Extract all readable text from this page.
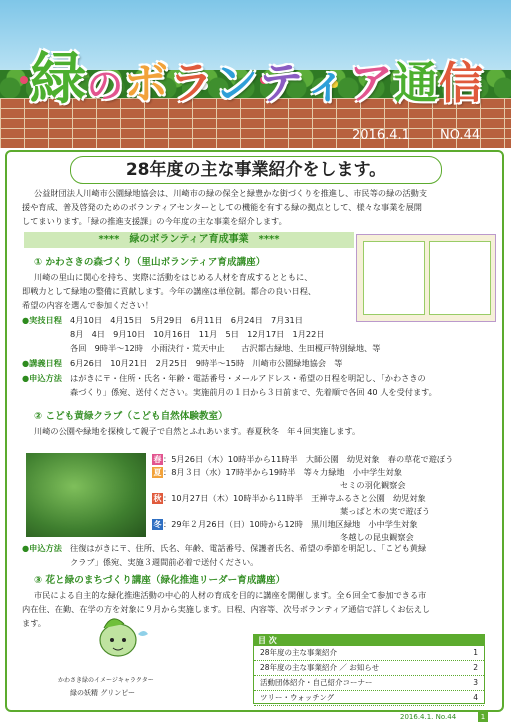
緑のボランティア通信
2016.4.1 NO.44
28年度の主な事業紹介をします。
公益財団法人川崎市公園緑地協会は、川崎市の緑の保全と緑豊かな街づくりを推進し、市民等の緑の活動支
援や育成、普及啓発のためのボランティアセンターとしての機能を有する緑の拠点として、様々な事業を展開
してまいります。「緑の推進支援課」の今年度の主な事業を紹介します。
****　緑のボランティア育成事業　****
① かわさきの森づくり（里山ボランティア育成講座）
川崎の里山に関心を持ち、実際に活動をはじめる人材を育成するとともに、
即戦力として緑地の整備に貢献します。今年の講座は単位制。都合の良い日程、
希望の内容を選んで参加ください！
●実技日程 4月10日　4月15日　5月29日　6月11日　6月24日　7月31日
8月　4日　9月10日　10月16日　11月　5日　12月17日　1月22日
各回　9時半～12時　小雨決行・荒天中止　　古沢都古緑地、生田榎戸特別緑地、等
●講義日程 6月26日　10月21日　2月25日　9時半～15時　川崎市公園緑地協会　等
●申込方法 はがきに〒・住所・氏名・年齢・電話番号・メールアドレス・希望の日程を明記し、「かわさきの
森づくり」係宛、送付ください。実施前月の１日から３日前まで、先着順で各回 40 人を受付ます。
② こども黄緑クラブ（こども自然体験教室）
川崎の公園や緑地を探検して親子で自然とふれあいます。春夏秋冬　年４回実施します。
春 ：5月26日（木）10時半から11時半　大師公園　幼児対象　春の草花で遊ぼう
夏 ：8月３日（水）17時半から19時半　等々力緑地　小中学生対象
セミの羽化観察会
秋 ：10月27日（木）10時半から11時半　王禅寺ふるさと公園　幼児対象
葉っぱと木の実で遊ぼう
冬 ：29年２月26日（日）10時から12時　黒川地区緑地　小中学生対象
冬越しの昆虫観察会
●申込方法 往復はがきに〒、住所、氏名、年齢、電話番号、保護者氏名、希望の季節を明記し、「こども黄緑
クラブ」係宛、実施３週間前必着で送付ください。
③ 花と緑のまちづくり講座（緑化推進リーダー育成講座）
市民による自主的な緑化推進活動の中心的人材の育成を目的に講座を開催します。全６回全て参加できる市
内在住、在勤、在学の方を対象に９月から実施します。日程、内容等、次号ボランティア通信で詳しくお伝えし
ます。
かわさき緑のイメージキャラクター
緑の妖精 グリンピー
目 次
28年度の主な事業紹介	1
28年度の主な事業紹介 ／ お知らせ	2
活動団体紹介・自己紹介コーナー	3
ツリー・ウォッチング	4
2016.4.1. No.44	1
